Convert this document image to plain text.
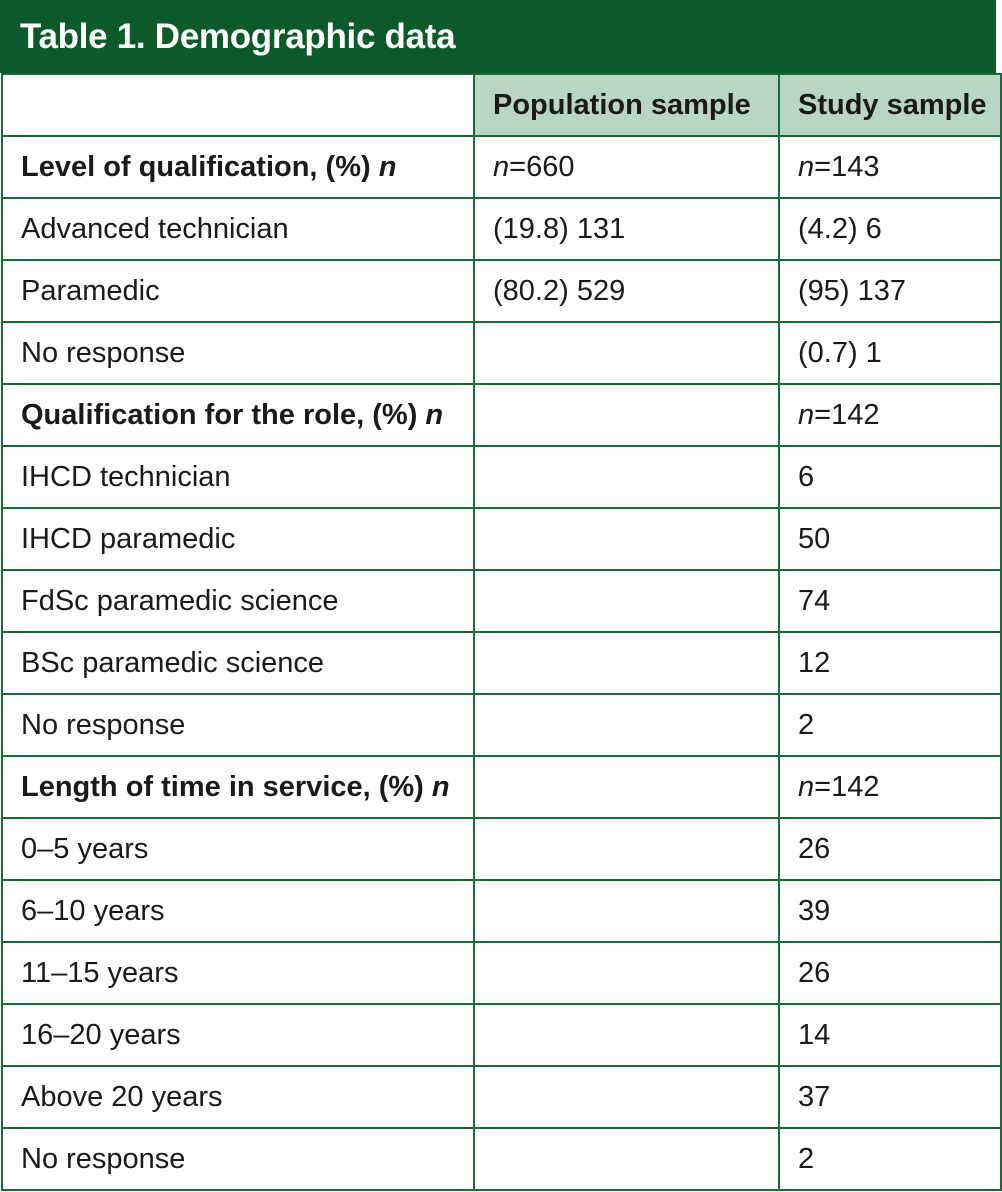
Table 1. Demographic data
	Population sample	Study sample
Level of qualification, (%) n	n=660	n=143
Advanced technician	(19.8) 131	(4.2) 6
Paramedic	(80.2) 529	(95) 137
No response		(0.7) 1
Qualification for the role, (%) n		n=142
IHCD technician		6
IHCD paramedic		50
FdSc paramedic science		74
BSc paramedic science		12
No response		2
Length of time in service, (%) n		n=142
0–5 years		26
6–10 years		39
11–15 years		26
16–20 years		14
Above 20 years		37
No response		2
